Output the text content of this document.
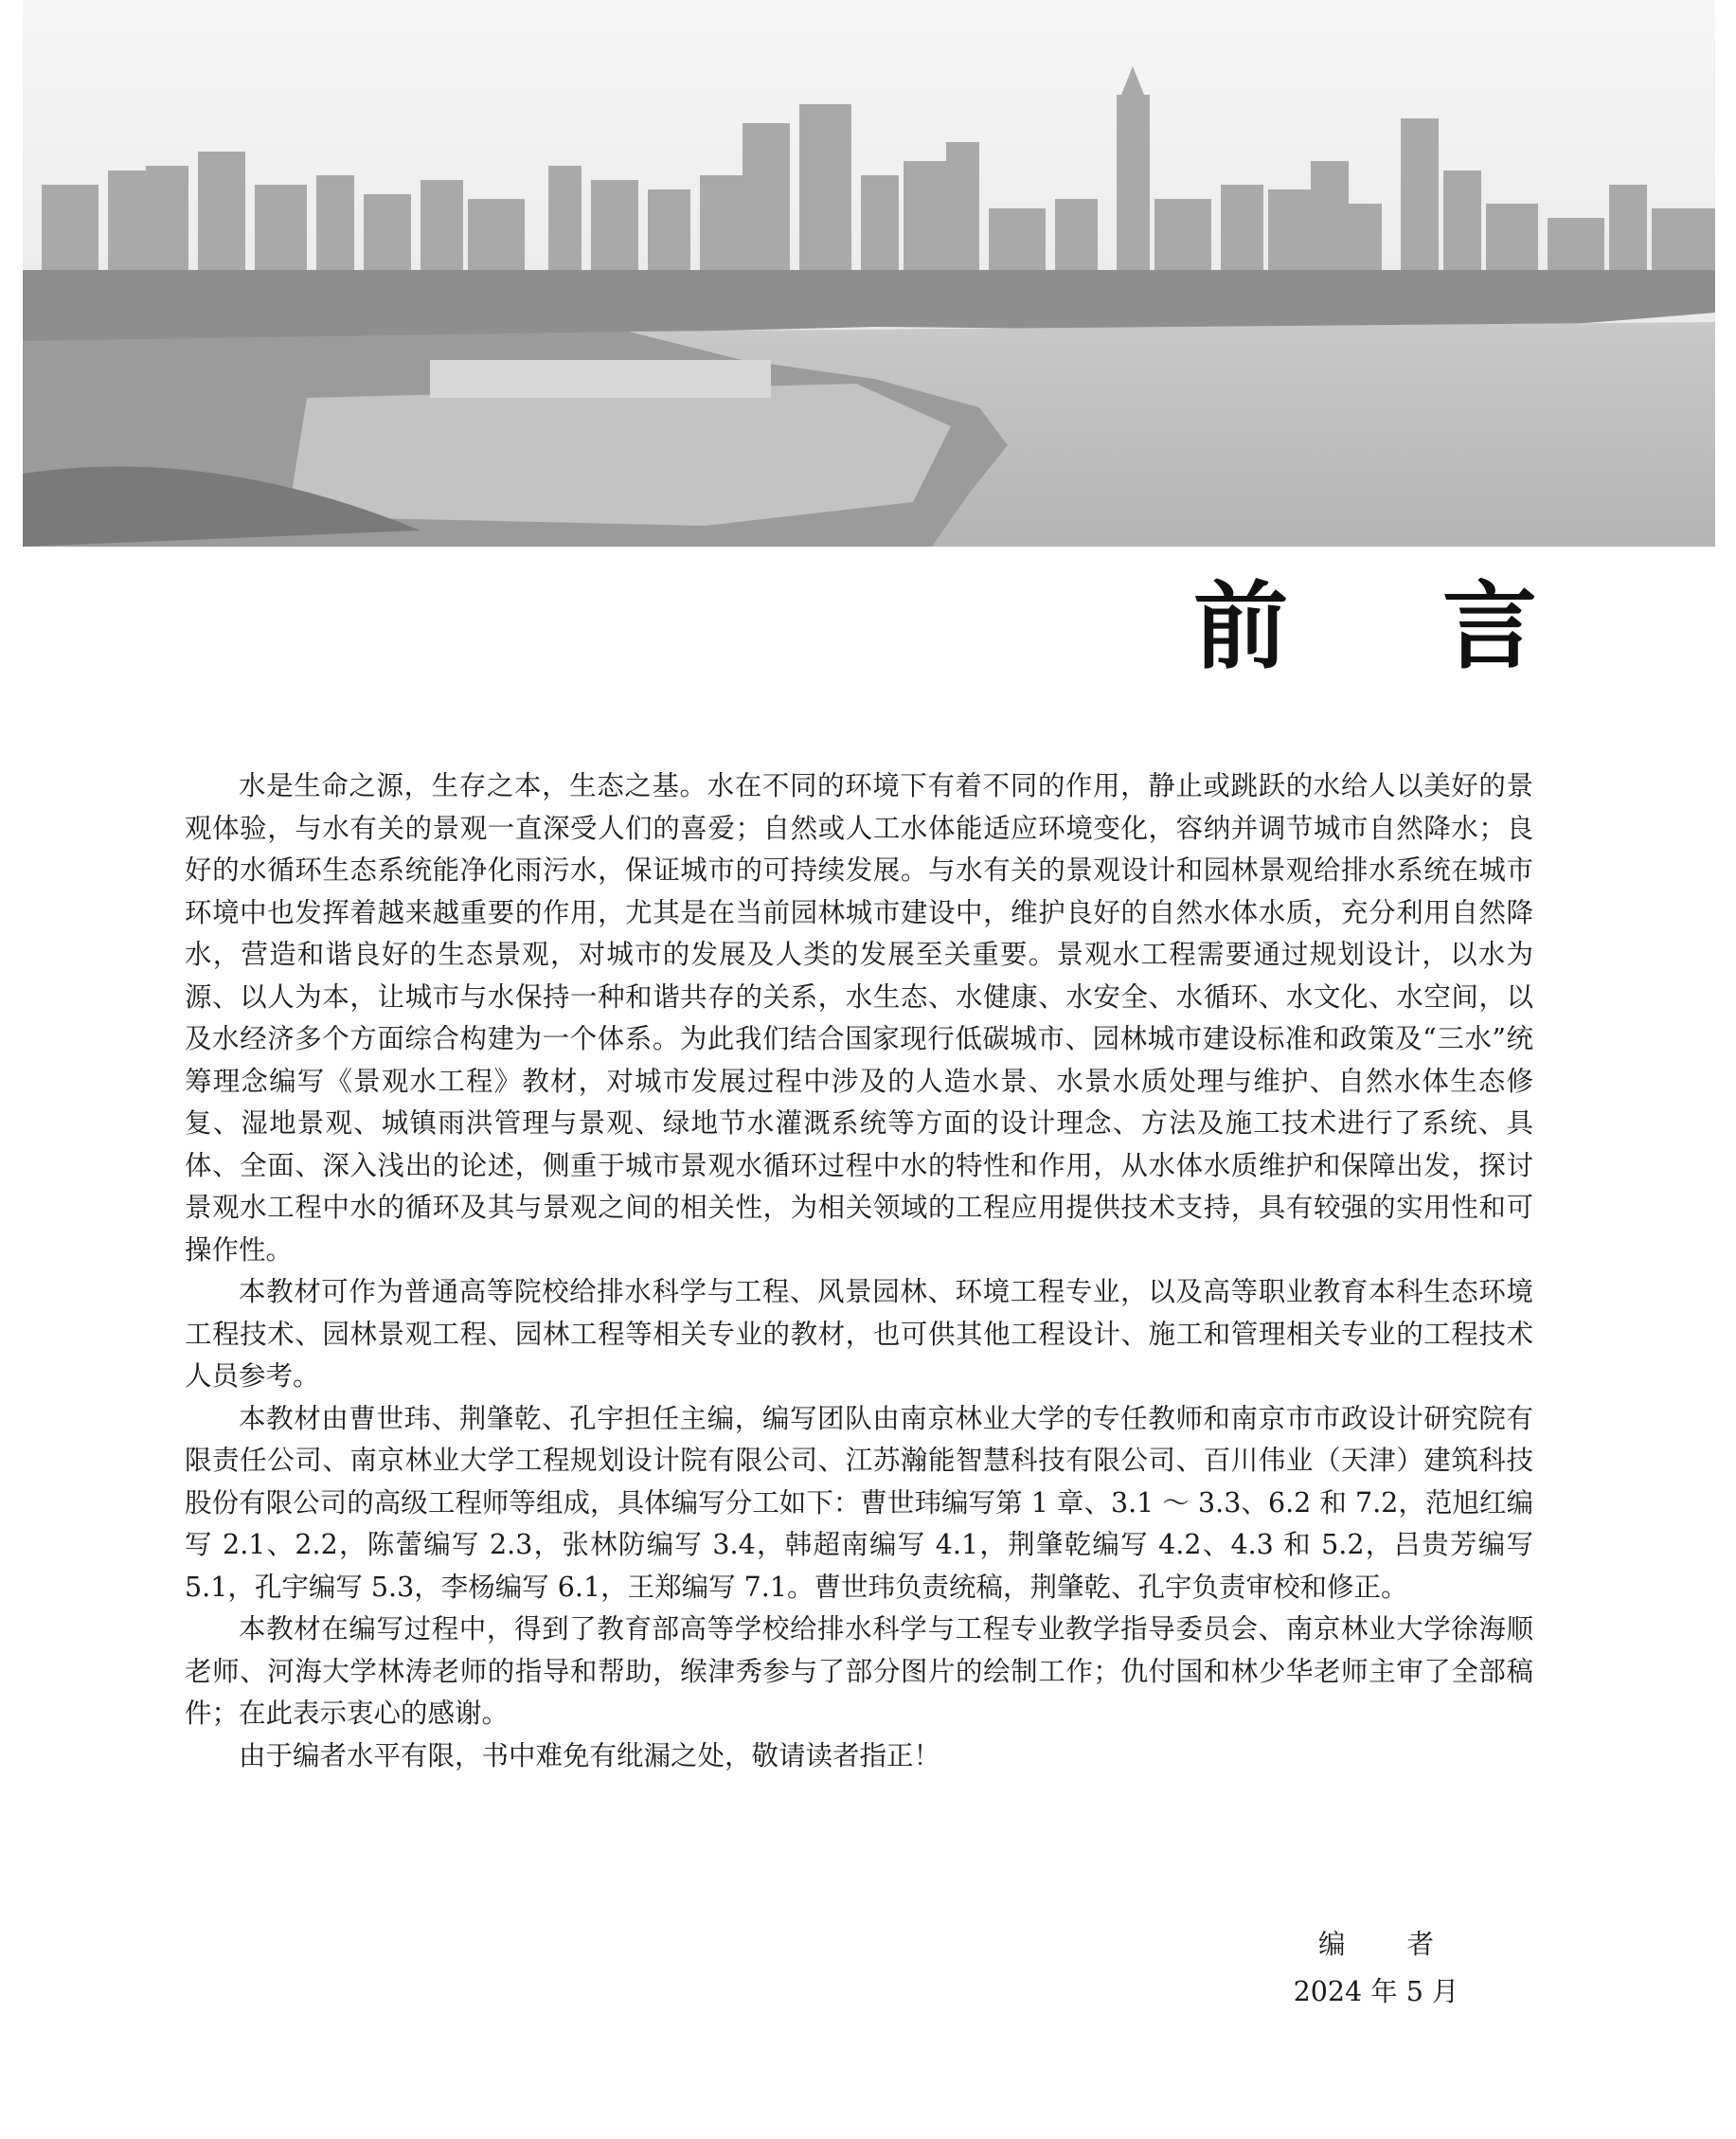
前 言

水是生命之源，生存之本，生态之基。水在不同的环境下有着不同的作用，静止或跳跃的水给人以美好的景观体验，与水有关的景观一直深受人们的喜爱；自然或人工水体能适应环境变化，容纳并调节城市自然降水；良好的水循环生态系统能净化雨污水，保证城市的可持续发展。与水有关的景观设计和园林景观给排水系统在城市环境中也发挥着越来越重要的作用，尤其是在当前园林城市建设中，维护良好的自然水体水质，充分利用自然降水，营造和谐良好的生态景观，对城市的发展及人类的发展至关重要。景观水工程需要通过规划设计，以水为源、以人为本，让城市与水保持一种和谐共存的关系，水生态、水健康、水安全、水循环、水文化、水空间，以及水经济多个方面综合构建为一个体系。为此我们结合国家现行低碳城市、园林城市建设标准和政策及“三水”统筹理念编写《景观水工程》教材，对城市发展过程中涉及的人造水景、水景水质处理与维护、自然水体生态修复、湿地景观、城镇雨洪管理与景观、绿地节水灌溉系统等方面的设计理念、方法及施工技术进行了系统、具体、全面、深入浅出的论述，侧重于城市景观水循环过程中水的特性和作用，从水体水质维护和保障出发，探讨景观水工程中水的循环及其与景观之间的相关性，为相关领域的工程应用提供技术支持，具有较强的实用性和可操作性。

本教材可作为普通高等院校给排水科学与工程、风景园林、环境工程专业，以及高等职业教育本科生态环境工程技术、园林景观工程、园林工程等相关专业的教材，也可供其他工程设计、施工和管理相关专业的工程技术人员参考。

本教材由曹世玮、荆肇乾、孔宇担任主编，编写团队由南京林业大学的专任教师和南京市市政设计研究院有限责任公司、南京林业大学工程规划设计院有限公司、江苏瀚能智慧科技有限公司、百川伟业（天津）建筑科技股份有限公司的高级工程师等组成，具体编写分工如下：曹世玮编写第 1 章、3.1 ～ 3.3、6.2 和 7.2，范旭红编写 2.1、2.2，陈蕾编写 2.3，张林防编写 3.4，韩超南编写 4.1，荆肇乾编写 4.2、4.3 和 5.2，吕贵芳编写 5.1，孔宇编写 5.3，李杨编写 6.1，王郑编写 7.1。曹世玮负责统稿，荆肇乾、孔宇负责审校和修正。

本教材在编写过程中，得到了教育部高等学校给排水科学与工程专业教学指导委员会、南京林业大学徐海顺老师、河海大学林涛老师的指导和帮助，缑津秀参与了部分图片的绘制工作；仇付国和林少华老师主审了全部稿件；在此表示衷心的感谢。

由于编者水平有限，书中难免有纰漏之处，敬请读者指正！

编 者
2024 年 5 月
